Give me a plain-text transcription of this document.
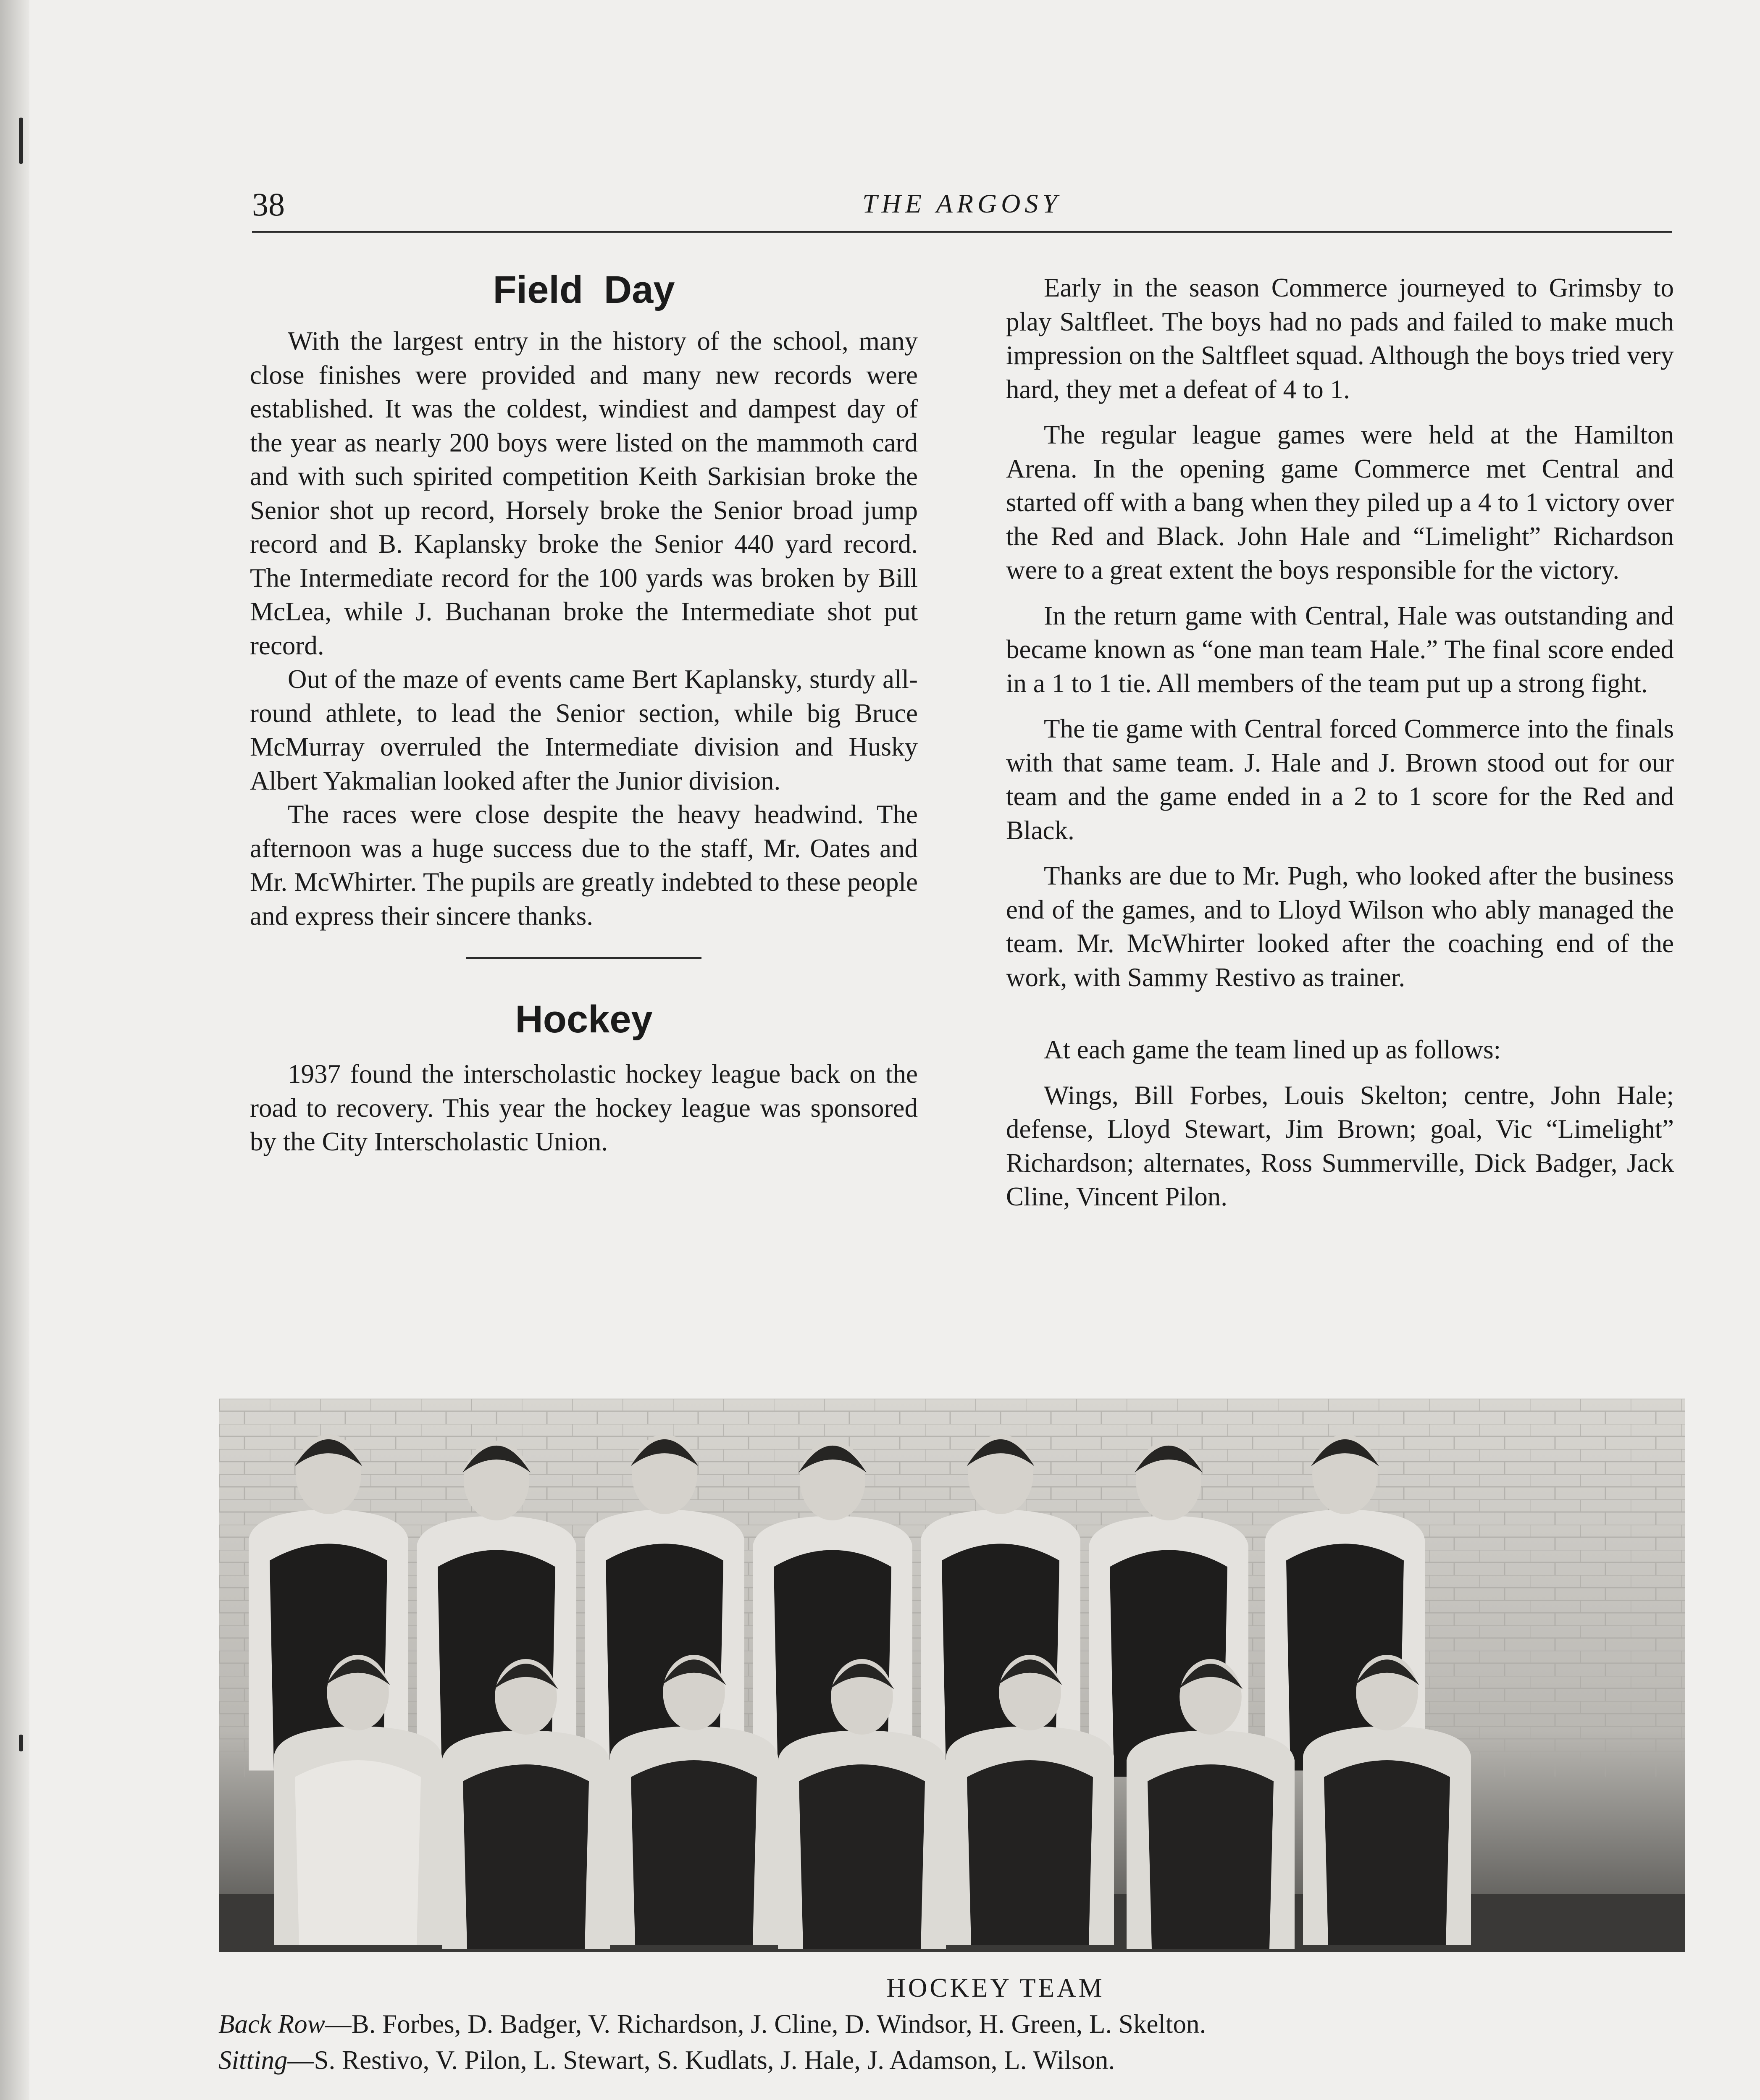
38	THE ARGOSY
Field Day

With the largest entry in the history of the school, many close finishes were provided and many new records were established. It was the coldest, windiest and dampest day of the year as nearly 200 boys were listed on the mammoth card and with such spirited competition Keith Sarkisian broke the Senior shot up record, Horsely broke the Senior broad jump record and B. Kaplansky broke the Senior 440 yard record. The Intermediate record for the 100 yards was broken by Bill McLea, while J. Buchanan broke the Intermediate shot put record.

Out of the maze of events came Bert Kaplansky, sturdy all-round athlete, to lead the Senior section, while big Bruce McMurray overruled the Intermediate division and Husky Albert Yakmalian looked after the Junior division.

The races were close despite the heavy headwind. The afternoon was a huge success due to the staff, Mr. Oates and Mr. McWhirter. The pupils are greatly indebted to these people and express their sincere thanks.

Hockey

1937 found the interscholastic hockey league back on the road to recovery. This year the hockey league was sponsored by the City Interscholastic Union.

Early in the season Commerce journeyed to Grimsby to play Saltfleet. The boys had no pads and failed to make much impression on the Saltfleet squad. Although the boys tried very hard, they met a defeat of 4 to 1.

The regular league games were held at the Hamilton Arena. In the opening game Commerce met Central and started off with a bang when they piled up a 4 to 1 victory over the Red and Black. John Hale and “Limelight” Richardson were to a great extent the boys responsible for the victory.

In the return game with Central, Hale was outstanding and became known as “one man team Hale.” The final score ended in a 1 to 1 tie. All members of the team put up a strong fight.

The tie game with Central forced Commerce into the finals with that same team. J. Hale and J. Brown stood out for our team and the game ended in a 2 to 1 score for the Red and Black.

Thanks are due to Mr. Pugh, who looked after the business end of the games, and to Lloyd Wilson who ably managed the team. Mr. McWhirter looked after the coaching end of the work, with Sammy Restivo as trainer.

At each game the team lined up as follows:

Wings, Bill Forbes, Louis Skelton; centre, John Hale; defense, Lloyd Stewart, Jim Brown; goal, Vic “Limelight” Richardson; alternates, Ross Summerville, Dick Badger, Jack Cline, Vincent Pilon.

HOCKEY TEAM
Back Row—B. Forbes, D. Badger, V. Richardson, J. Cline, D. Windsor, H. Green, L. Skelton.
Sitting—S. Restivo, V. Pilon, L. Stewart, S. Kudlats, J. Hale, J. Adamson, L. Wilson.
